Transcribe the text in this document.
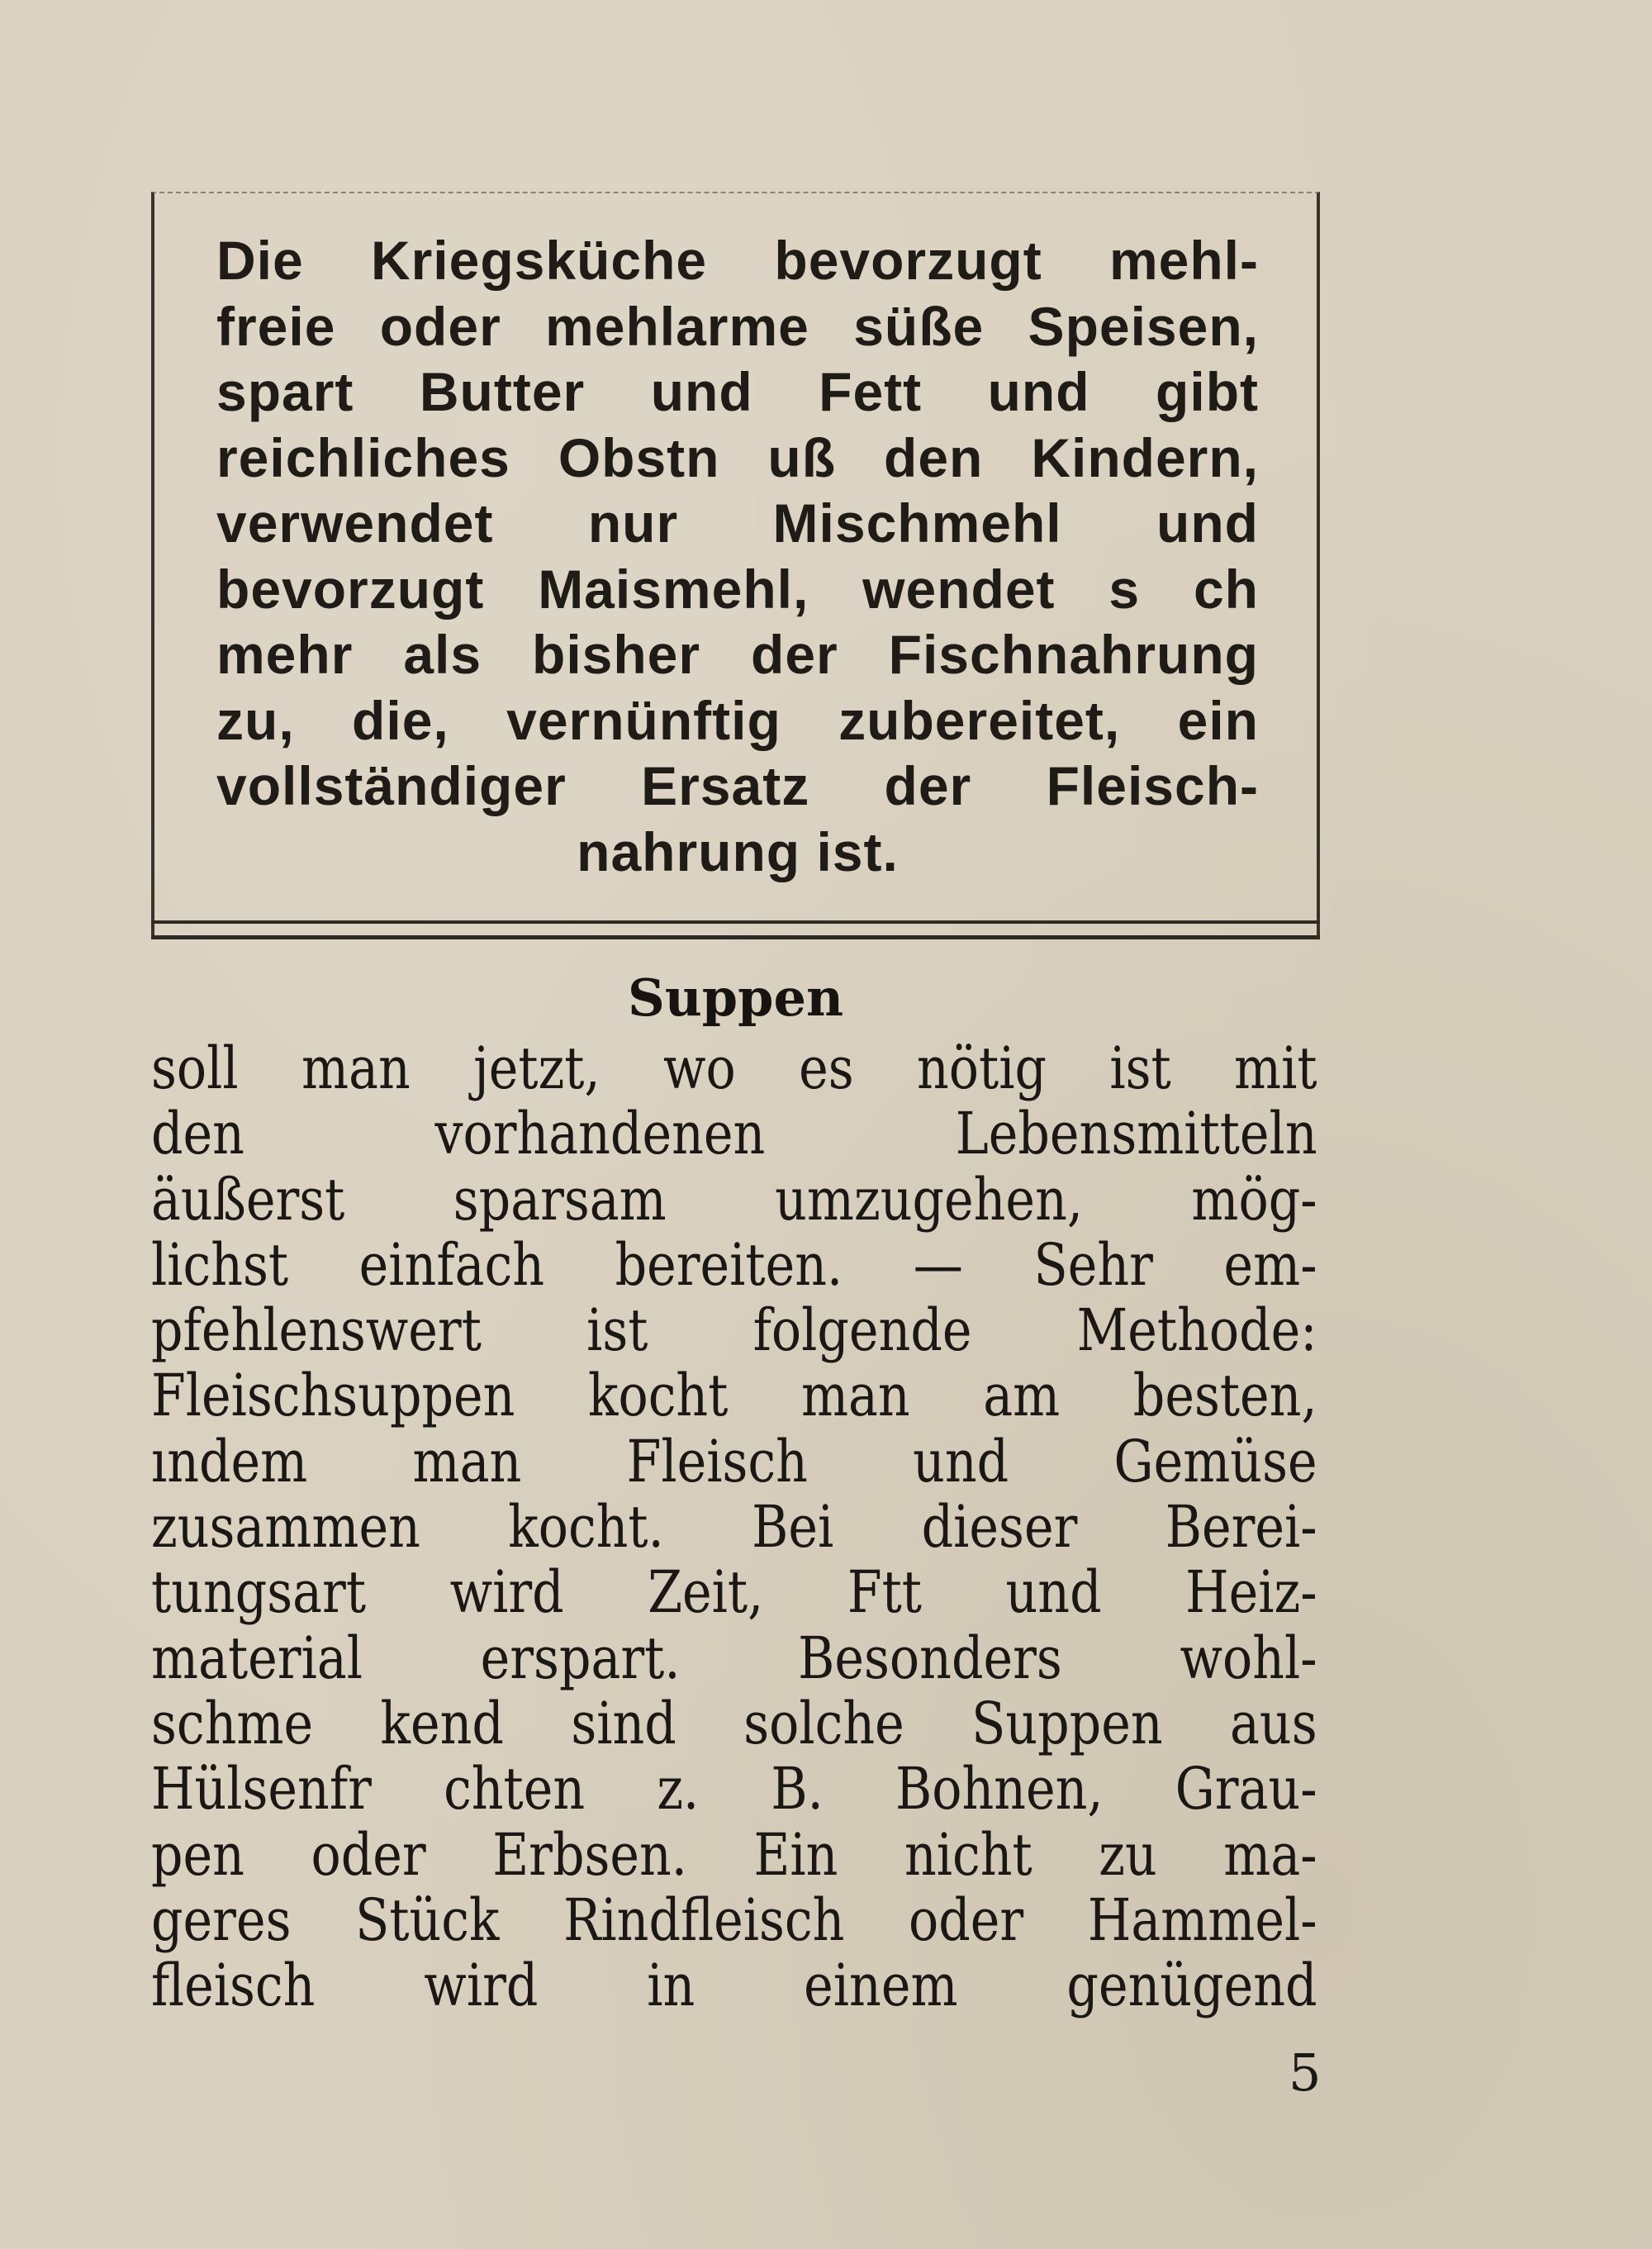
Die Kriegsküche bevorzugt mehl-
freie oder mehlarme süße Speisen,
spart Butter und Fett und gibt
reichliches Obstn uß den Kindern,
verwendet nur Mischmehl und
bevorzugt Maismehl, wendet s ch
mehr als bisher der Fischnahrung
zu, die, vernünftig zubereitet, ein
vollständiger Ersatz der Fleisch-
nahrung ist.
Suppen
soll man jetzt, wo es nötig ist mit
den vorhandenen Lebensmitteln
äußerst sparsam umzugehen, mög-
lichst einfach bereiten. — Sehr em-
pfehlenswert ist folgende Methode:
Fleischsuppen kocht man am besten,
ındem man Fleisch und Gemüse
zusammen kocht. Bei dieser Berei-
tungsart wird Zeit, Ftt und Heiz-
material erspart. Besonders wohl-
schme kend sind solche Suppen aus
Hülsenfr chten z. B. Bohnen, Grau-
pen oder Erbsen. Ein nicht zu ma-
geres Stück Rindfleisch oder Hammel-
fleisch wird in einem genügend
5
